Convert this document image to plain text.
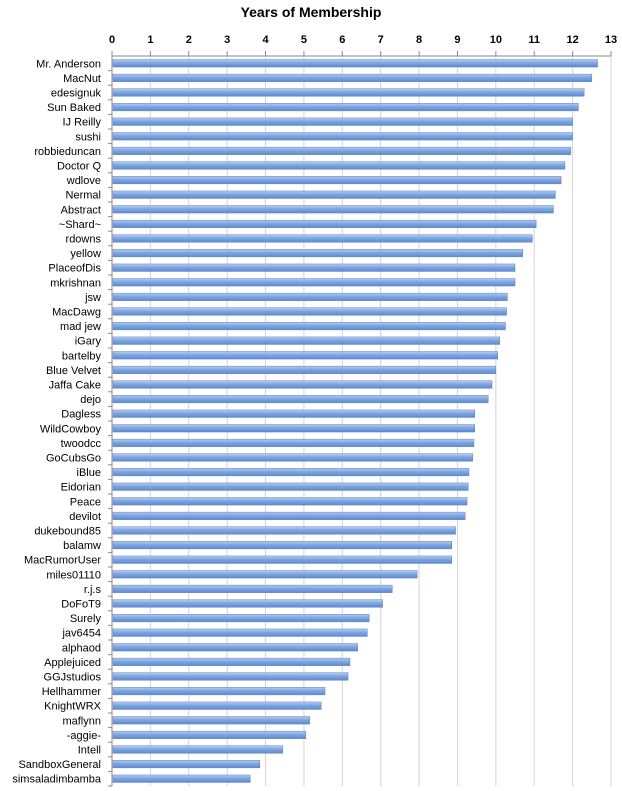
Years of Membership
0	1	2	3	4	5	6	7	8	9	10 11 12 13
Mr. Anderson
MacNut
edesignuk
Sun Baked
IJ Reilly
sushi
robbieduncan
Doctor Q
wdlove
Nermal
Abstract
~Shard~
rdowns
yellow
PlaceofDis
mkrishnan
jsw
MacDawg
mad jew
iGary
bartelby
Blue Velvet
Jaffa Cake
dejo
Dagless
WildCowboy
twoodcc
GoCubsGo
iBlue
Eidorian
Peace
devilot
dukebound85
balamw
MacRumorUser
miles01110
r.j.s
DoFoT9
Surely
jav6454
alphaod
Applejuiced
GGJstudios
Hellhammer
KnightWRX
maflynn
-aggie-
Intell
SandboxGeneral
simsaladimbamba
